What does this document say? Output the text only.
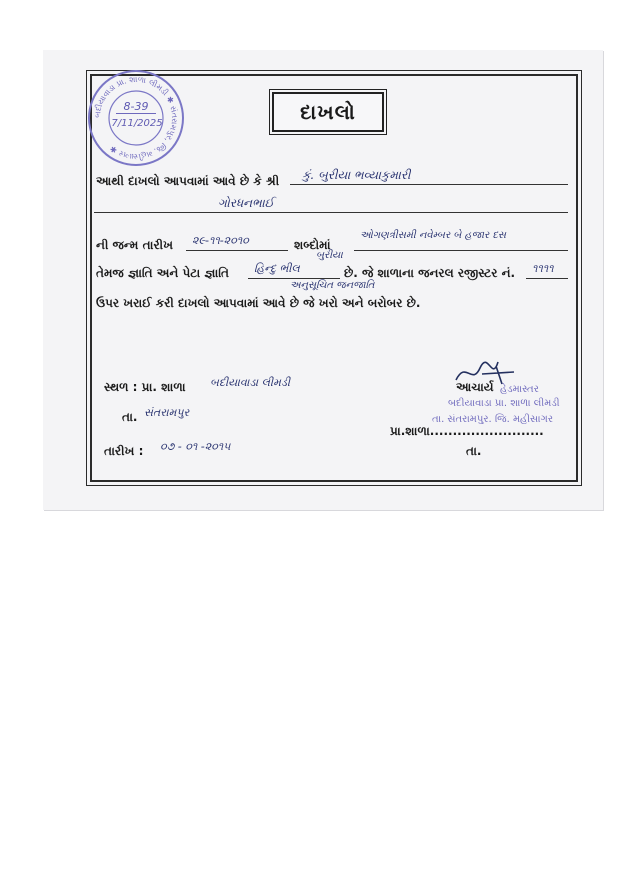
બદીયાવાડા પ્રા. શાળા લીમડી ✱ સંતરામપુર, જિ. મહીસાગર ✱
8-39
7/11/2025	દાખલો
આથી દાખલો આપવામાં આવે છે કે શ્રી કું. બુરીયા ભવ્યાકુમારી
ગોરધનભાઈ
ની જન્મ તારીખ ૨૯-૧૧-૨૦૧૦	શબ્દોમાં
ઓગણત્રીસમી નવેમ્બર બે હજાર દસ
તેમજ જ્ઞાતિ અને પેટા જ્ઞાતિ
બુરીયા
હિન્દુ ભીલ
અનુસૂચિત જનજાતિ
છે. જે શાળાના જનરલ રજીસ્ટર નં. ૧૧૧૧
ઉપર ખરાઈ કરી દાખલો આપવામાં આવે છે જે ખરો અને બરોબર છે.
સ્થળ : પ્રા. શાળા બદીયાવાડા લીમડી
તા. સંતરામપુર
તારીખ : ૦૭ - ૦૧ -૨૦૧૫
આચાર્ય હેડમાસ્તર
બદીયાવાડા પ્રા. શાળા લીમડી
તા. સંતરામપુર. જિ. મહીસાગર
પ્રા.શાળા.........................
તા.
